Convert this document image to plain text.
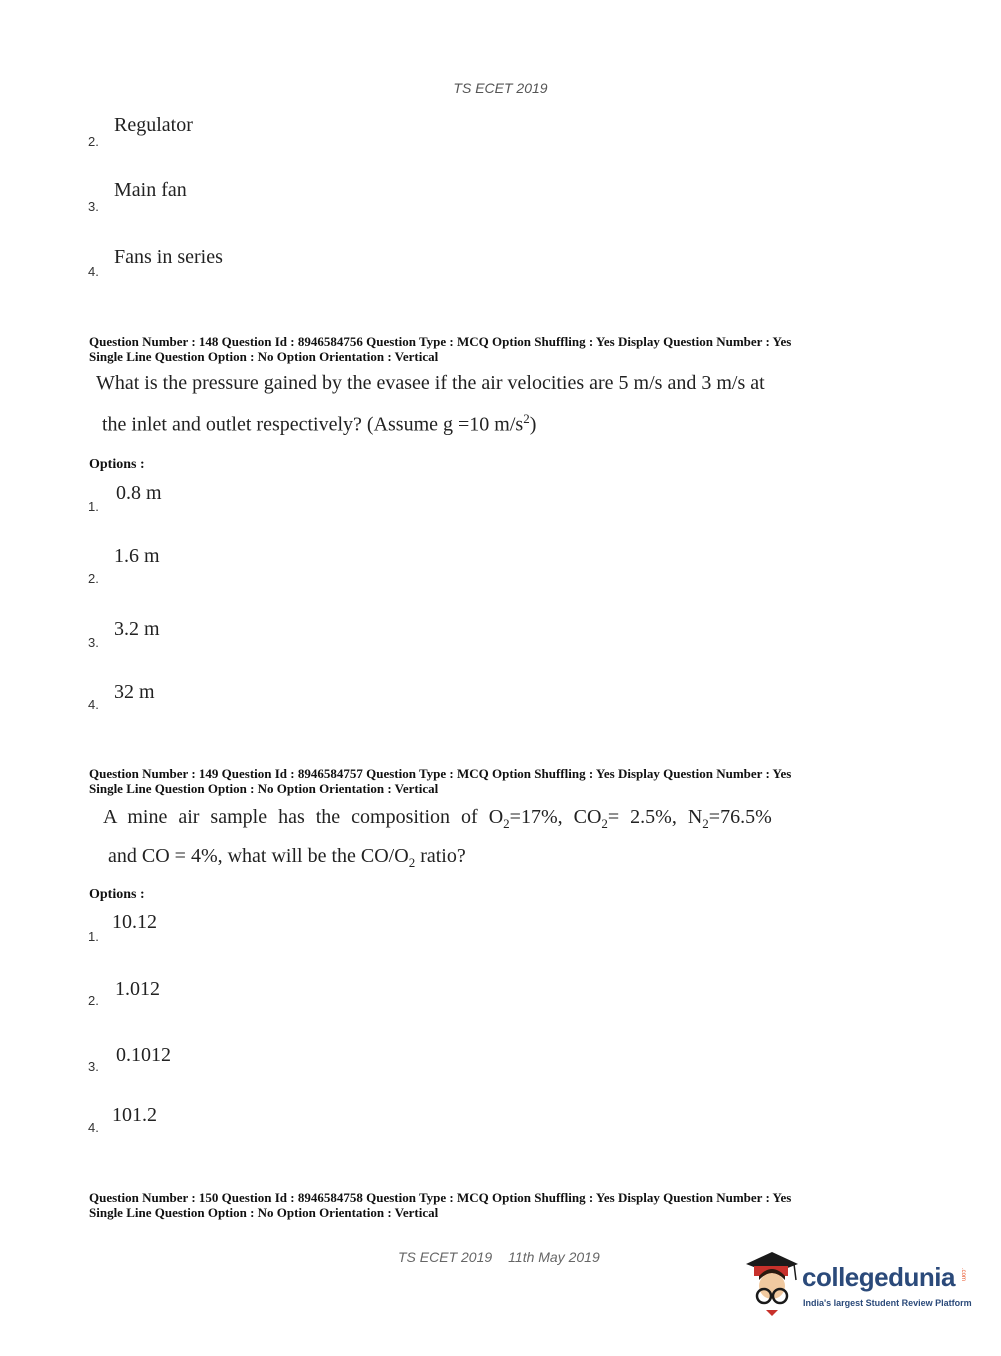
TS ECET 2019
2.
Regulator
3.
Main fan
4.
Fans in series
Question Number : 148 Question Id : 8946584756 Question Type : MCQ Option Shuffling : Yes Display Question Number : Yes
Single Line Question Option : No Option Orientation : Vertical
What is the pressure gained by the evasee if the air velocities are 5 m/s and 3 m/s at
the inlet and outlet respectively? (Assume g =10 $m/s^2$)
Options :
1.
0.8 m
2.
1.6 m
3.
3.2 m
4.
32 m
Question Number : 149 Question Id : 8946584757 Question Type : MCQ Option Shuffling : Yes Display Question Number : Yes
Single Line Question Option : No Option Orientation : Vertical
A mine air sample has the composition of $O_2=17\%$, $CO_2= 2.5\%$, $N_2=76.5\%$
and CO = 4%, what will be the $CO/O_2$ ratio?
Options :
1.
10.12
2.
1.012
3.
0.1012
4.
101.2
Question Number : 150 Question Id : 8946584758 Question Type : MCQ Option Shuffling : Yes Display Question Number : Yes
Single Line Question Option : No Option Orientation : Vertical
TS ECET 2019 11th May 2019
collegedunia .com
India's largest Student Review Platform
